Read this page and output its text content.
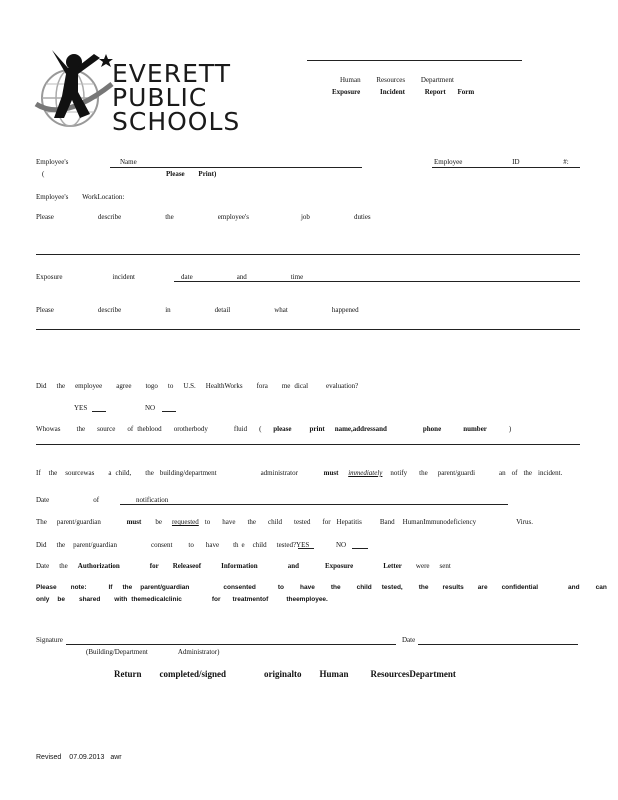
EVERETT
PUBLIC
SCHOOLS
Human Resources Department
Exposure	Incident	Report Form
Employee's	Name	Employee	ID	#:
(	Please Print)
Employee's WorkLocation:
Please	describe	the	employee's	job	duties
Exposure	incident	date	and	time
Please	describe	in	detail	what	happened
Did the employee agree togo to U.S. HealthWorks fora me dical	evaluation?
YES	NO
Whowas the source of theblood orotherbody	fluid ( please	print name,addressand	phone	number	)
If the sourcewas a child, the building/department	administrator	must immediately notify the parent/guardi	an of the incident.
Date	of	notification
The parent/guardian	must be requested to have the child tested for Hepatitis	Band HumanImmunodeficiency	Virus.
Did the parent/guardian	consent to have th e child tested?YES	NO
Date the Authorization	for Releaseof	Information	and	Exposure	Letter were sent
Please note:	If the parent/guardian	consented	to have the child tested, the results are confidential	and can
only be shared with themedicalclinic	for treatmentof	theemployee.
Signature	Date
(Building/Department	Administrator)
Return completed/signed	originalto Human ResourcesDepartment
Revised 07.09.2013 awr
